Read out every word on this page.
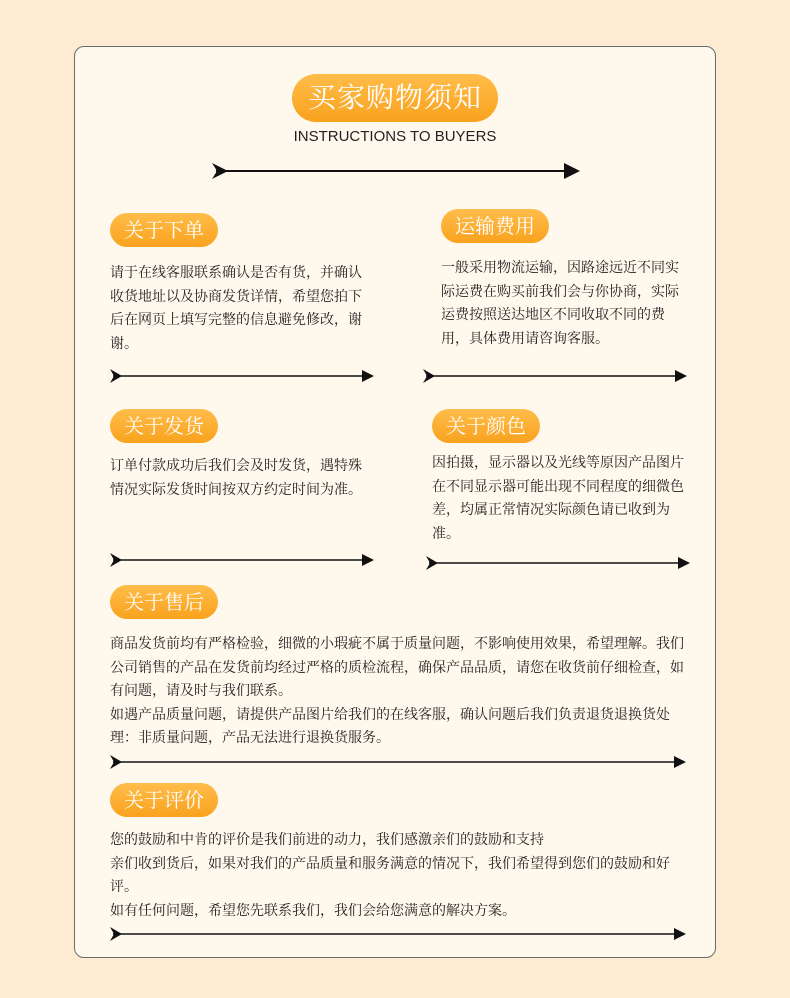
买家购物须知
INSTRUCTIONS TO BUYERS
关于下单
请于在线客服联系确认是否有货，并确认收货地址以及协商发货详情，希望您拍下后在网页上填写完整的信息避免修改，谢谢。
运输费用
一般采用物流运输，因路途远近不同实际运费在购买前我们会与你协商，实际运费按照送达地区不同收取不同的费用，具体费用请咨询客服。
关于发货
订单付款成功后我们会及时发货，遇特殊情况实际发货时间按双方约定时间为准。
关于颜色
因拍摄，显示器以及光线等原因产品图片在不同显示器可能出现不同程度的细微色差，均属正常情况实际颜色请已收到为准。
关于售后

商品发货前均有严格检验，细微的小瑕疵不属于质量问题，不影响使用效果，希望理解。我们公司销售的产品在发货前均经过严格的质检流程，确保产品品质，请您在收货前仔细检查，如有问题，请及时与我们联系。

如遇产品质量问题，请提供产品图片给我们的在线客服，确认问题后我们负责退货退换货处理：非质量问题，产品无法进行退换货服务。

关于评价

您的鼓励和中肯的评价是我们前进的动力，我们感激亲们的鼓励和支持

亲们收到货后，如果对我们的产品质量和服务满意的情况下，我们希望得到您们的鼓励和好评。

如有任何问题，希望您先联系我们，我们会给您满意的解决方案。
